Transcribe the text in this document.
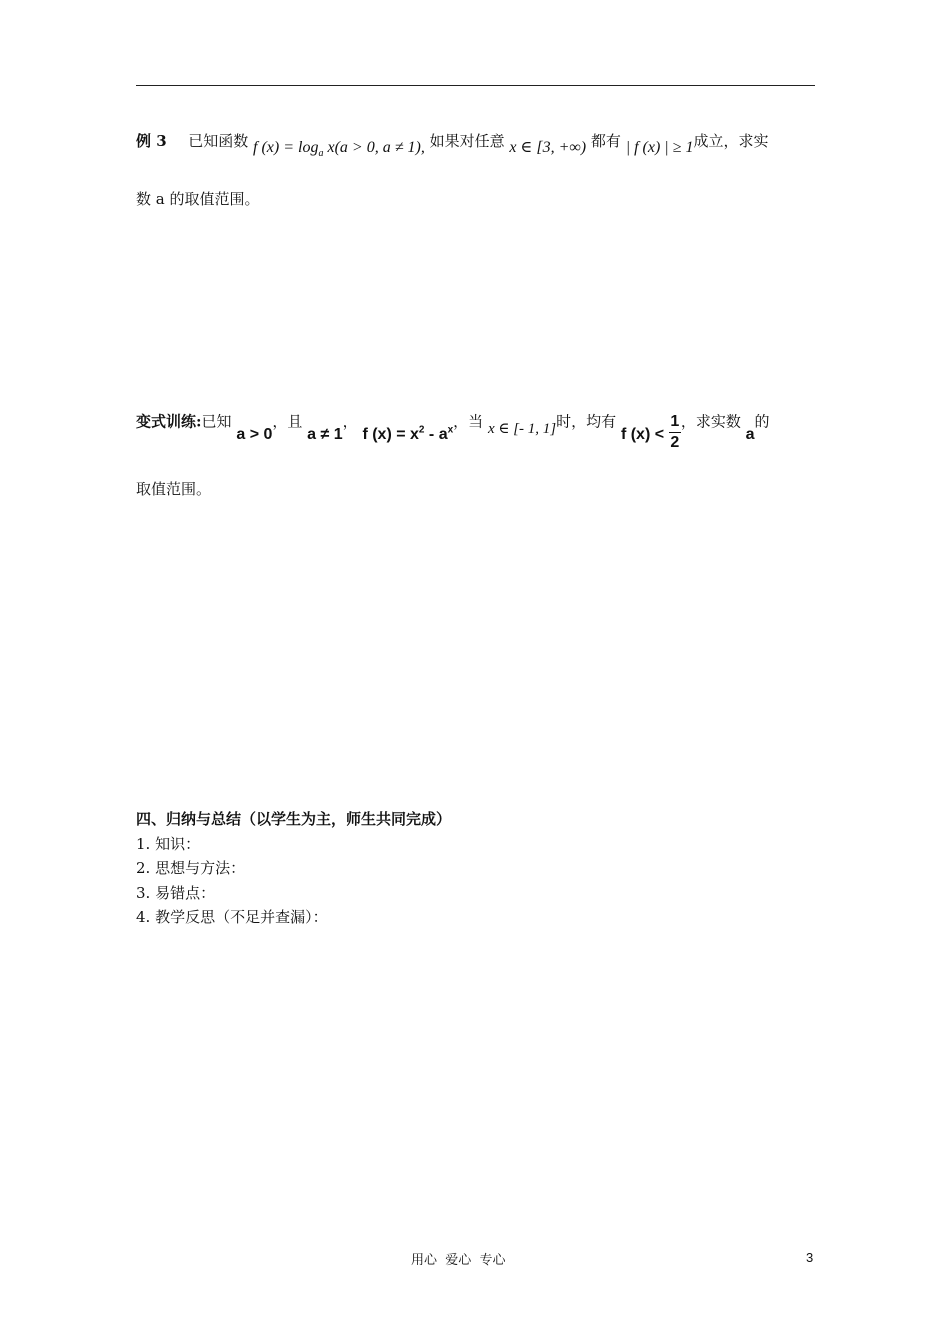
例 3 已知函数 f $(x) = \log_a x(a > 0$, a ≠ 1), 如果对任意 x ∈ [3, +∞) 都有 | f (x) | ≥ 1成立，求实
数 a 的取值范围。
变式训练:已知 a > 0，且 a ≠ 1， f $(x) = x^2 - a^x$，当 x ∈ [- 1, 1]时，均有 f $(x) < \frac{1}{2}$ ，求实数 a的
取值范围。
四、归纳与总结（以学生为主，师生共同完成）
1. 知识：
2. 思想与方法：
3. 易错点：
4. 教学反思（不足并查漏）：
用心  爱心  专心	3
